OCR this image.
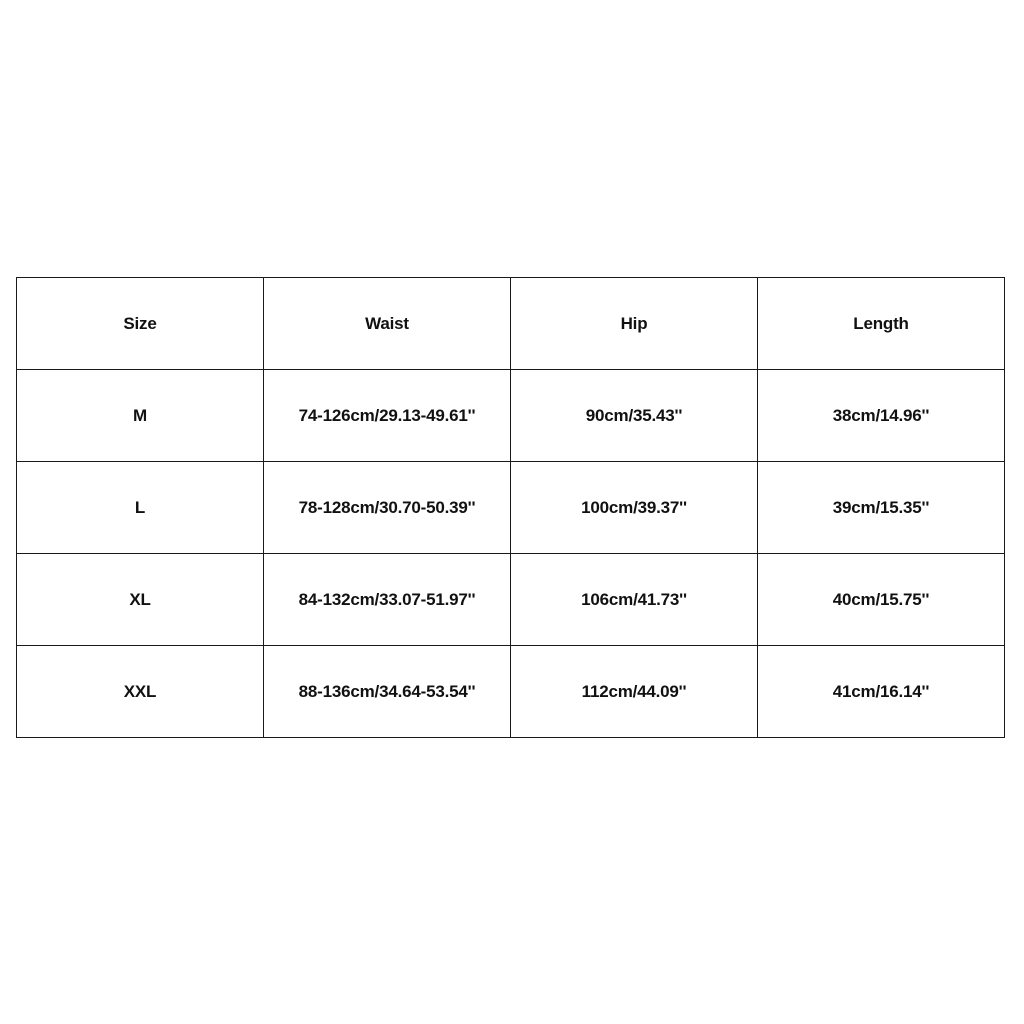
Size	Waist	Hip	Length
M	74-126cm/29.13-49.61''	90cm/35.43''	38cm/14.96''
L	78-128cm/30.70-50.39''	100cm/39.37''	39cm/15.35''
XL	84-132cm/33.07-51.97''	106cm/41.73''	40cm/15.75''
XXL	88-136cm/34.64-53.54''	112cm/44.09''	41cm/16.14''
